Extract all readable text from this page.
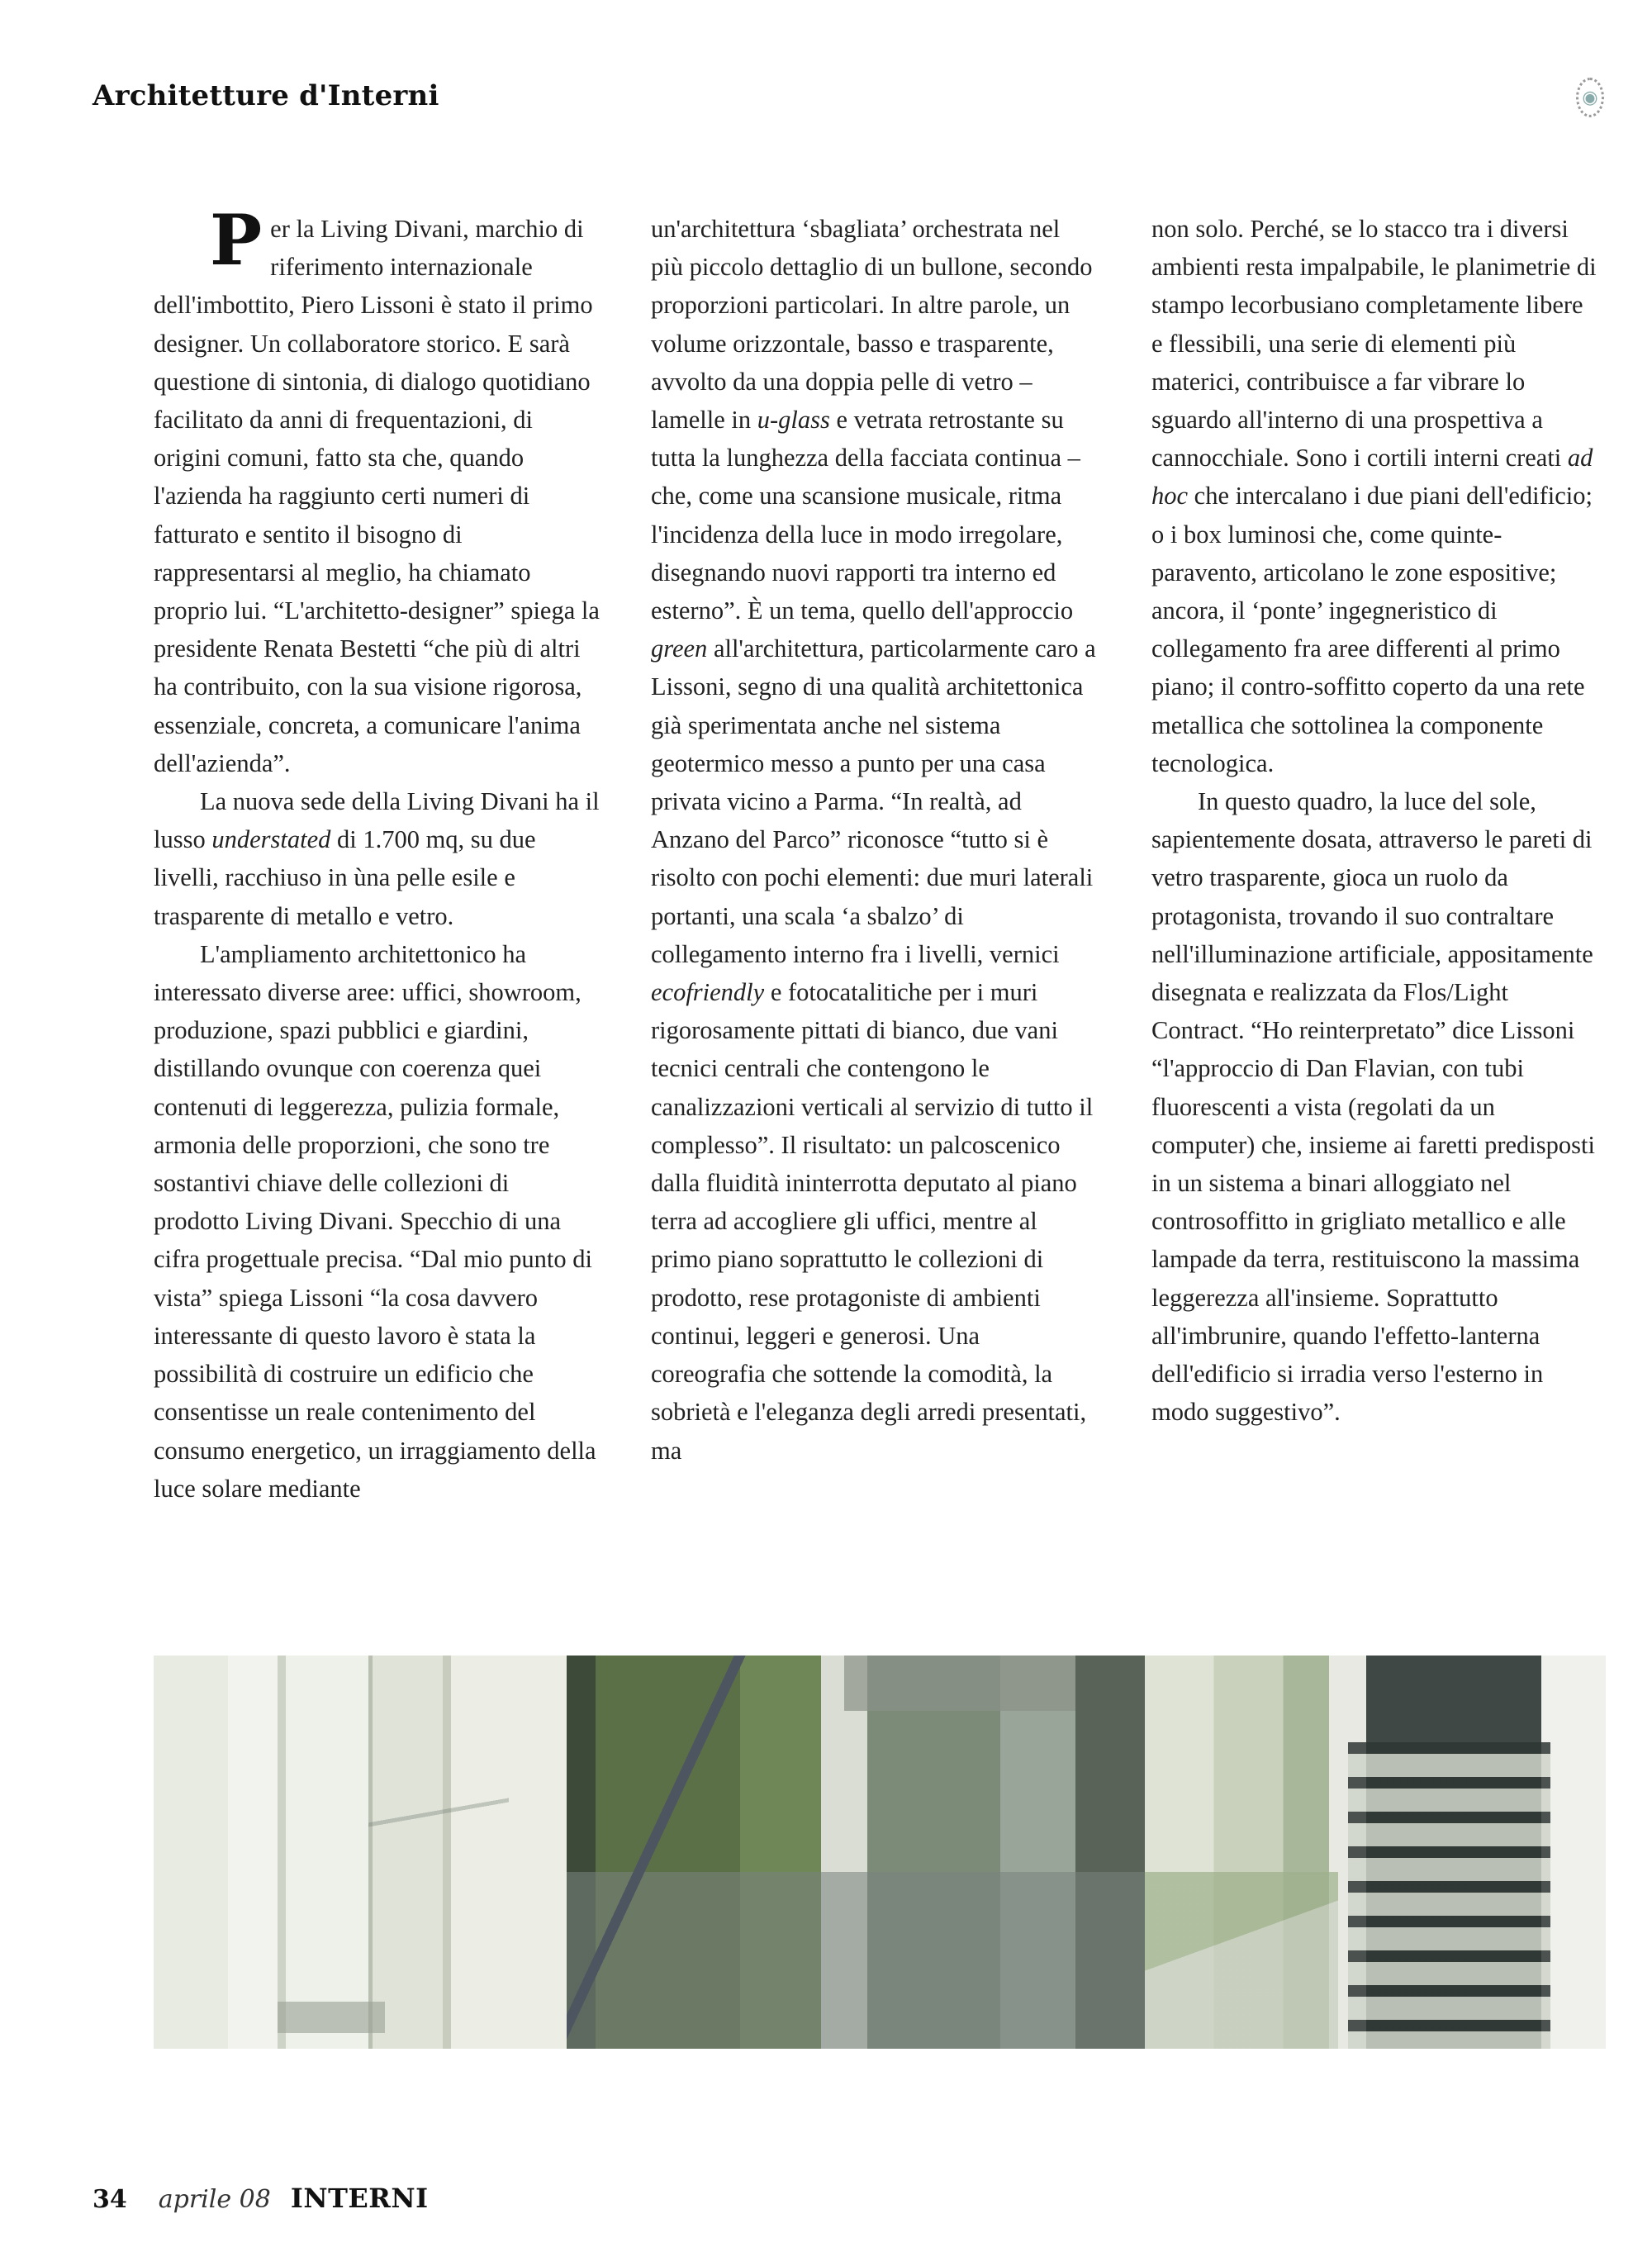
Architetture d'Interni	◉

Per la Living Divani, marchio di riferimento internazionale dell'imbottito, Piero Lissoni è stato il primo designer. Un collaboratore storico. E sarà questione di sintonia, di dialogo quotidiano facilitato da anni di frequentazioni, di origini comuni, fatto sta che, quando l'azienda ha raggiunto certi numeri di fatturato e sentito il bisogno di rappresentarsi al meglio, ha chiamato proprio lui. “L'architetto-designer” spiega la presidente Renata Bestetti “che più di altri ha contribuito, con la sua visione rigorosa, essenziale, concreta, a comunicare l'anima dell'azienda”.

La nuova sede della Living Divani ha il lusso understated di 1.700 mq, su due livelli, racchiuso in ùna pelle esile e trasparente di metallo e vetro.

L'ampliamento architettonico ha interessato diverse aree: uffici, showroom, produzione, spazi pubblici e giardini, distillando ovunque con coerenza quei contenuti di leggerezza, pulizia formale, armonia delle proporzioni, che sono tre sostantivi chiave delle collezioni di prodotto Living Divani. Specchio di una cifra progettuale precisa. “Dal mio punto di vista” spiega Lissoni “la cosa davvero interessante di questo lavoro è stata la possibilità di costruire un edificio che consentisse un reale contenimento del consumo energetico, un irraggiamento della luce solare mediante

un'architettura ‘sbagliata’ orchestrata nel più piccolo dettaglio di un bullone, secondo proporzioni particolari. In altre parole, un volume orizzontale, basso e trasparente, avvolto da una doppia pelle di vetro – lamelle in u-glass e vetrata retrostante su tutta la lunghezza della facciata continua – che, come una scansione musicale, ritma l'incidenza della luce in modo irregolare, disegnando nuovi rapporti tra interno ed esterno”. È un tema, quello dell'approccio green all'architettura, particolarmente caro a Lissoni, segno di una qualità architettonica già sperimentata anche nel sistema geotermico messo a punto per una casa privata vicino a Parma. “In realtà, ad Anzano del Parco” riconosce “tutto si è risolto con pochi elementi: due muri laterali portanti, una scala ‘a sbalzo’ di collegamento interno fra i livelli, vernici ecofriendly e fotocatalitiche per i muri rigorosamente pittati di bianco, due vani tecnici centrali che contengono le canalizzazioni verticali al servizio di tutto il complesso”. Il risultato: un palcoscenico dalla fluidità ininterrotta deputato al piano terra ad accogliere gli uffici, mentre al primo piano soprattutto le collezioni di prodotto, rese protagoniste di ambienti continui, leggeri e generosi. Una coreografia che sottende la comodità, la sobrietà e l'eleganza degli arredi presentati, ma

non solo. Perché, se lo stacco tra i diversi ambienti resta impalpabile, le planimetrie di stampo lecorbusiano completamente libere e flessibili, una serie di elementi più materici, contribuisce a far vibrare lo sguardo all'interno di una prospettiva a cannocchiale. Sono i cortili interni creati ad hoc che intercalano i due piani dell'edificio; o i box luminosi che, come quinte-paravento, articolano le zone espositive; ancora, il ‘ponte’ ingegneristico di collegamento fra aree differenti al primo piano; il contro-soffitto coperto da una rete metallica che sottolinea la componente tecnologica.

In questo quadro, la luce del sole, sapientemente dosata, attraverso le pareti di vetro trasparente, gioca un ruolo da protagonista, trovando il suo contraltare nell'illuminazione artificiale, appositamente disegnata e realizzata da Flos/Light Contract. “Ho reinterpretato” dice Lissoni “l'approccio di Dan Flavian, con tubi fluorescenti a vista (regolati da un computer) che, insieme ai faretti predisposti in un sistema a binari alloggiato nel controsoffitto in grigliato metallico e alle lampade da terra, restituiscono la massima leggerezza all'insieme. Soprattutto all'imbrunire, quando l'effetto-lanterna dell'edificio si irradia verso l'esterno in modo suggestivo”.

34 aprile 08 INTERNI
